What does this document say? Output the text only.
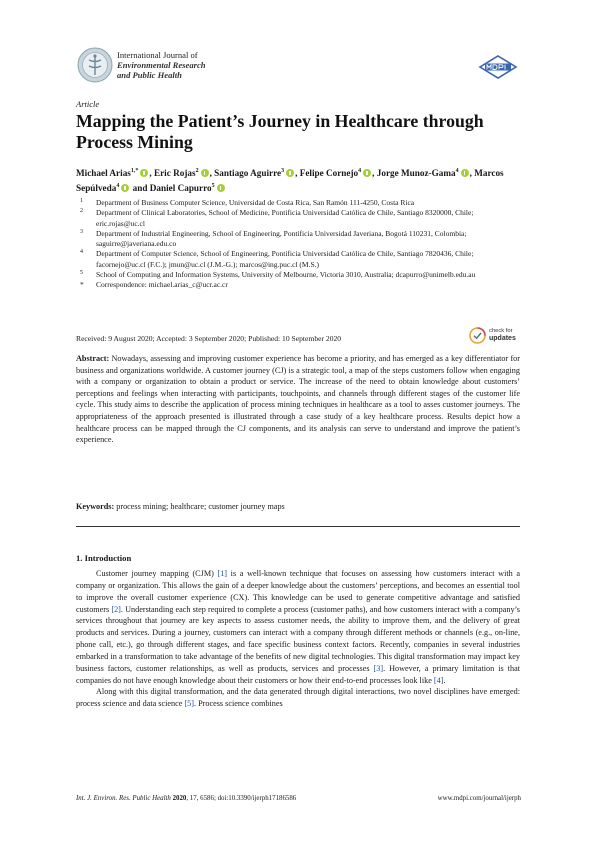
International Journal of
Environmental Research
and Public Health
Article
Mapping the Patient’s Journey in Healthcare through Process Mining
Michael Arias$^{1,*}$ , Eric Rojas$^2$ , Santiago Aguirre$^3$ , Felipe Cornejo$^4$ , Jorge Munoz-Gama$^4$ , Marcos Sepúlveda$^4$ and Daniel Capurro$^5$
1 Department of Business Computer Science, Universidad de Costa Rica, San Ramón 111-4250, Costa Rica
2 Department of Clinical Laboratories, School of Medicine, Pontificia Universidad Católica de Chile, Santiago 8320000, Chile; eric.rojas@uc.cl
3 Department of Industrial Engineering, School of Engineering, Pontificia Universidad Javeriana, Bogotá 110231, Colombia; saguirre@javeriana.edu.co
4 Department of Computer Science, School of Engineering, Pontificia Universidad Católica de Chile, Santiago 7820436, Chile; facornejo@uc.cl (F.C.); jmun@uc.cl (J.M.-G.); marcos@ing.puc.cl (M.S.)
5 School of Computing and Information Systems, University of Melbourne, Victoria 3010, Australia; dcapurro@unimelb.edu.au
* Correspondence: michael.arias_c@ucr.ac.cr
Received: 9 August 2020; Accepted: 3 September 2020; Published: 10 September 2020
check for
updates
Abstract: Nowadays, assessing and improving customer experience has become a priority, and has emerged as a key differentiator for business and organizations worldwide. A customer journey (CJ) is a strategic tool, a map of the steps customers follow when engaging with a company or organization to obtain a product or service. The increase of the need to obtain knowledge about customers’ perceptions and feelings when interacting with participants, touchpoints, and channels through different stages of the customer life cycle. This study aims to describe the application of process mining techniques in healthcare as a tool to asses customer journeys. The appropriateness of the approach presented is illustrated through a case study of a key healthcare process. Results depict how a healthcare process can be mapped through the CJ components, and its analysis can serve to understand and improve the patient’s experience.
Keywords: process mining; healthcare; customer journey maps
1. Introduction

Customer journey mapping (CJM) [1] is a well-known technique that focuses on assessing how customers interact with a company or organization. This allows the gain of a deeper knowledge about the customers’ perceptions, and becomes an essential tool to improve the overall customer experience (CX). This knowledge can be used to generate competitive advantage and satisfied customers [2]. Understanding each step required to complete a process (customer paths), and how customers interact with a company’s services throughout that journey are key aspects to assess customer needs, the ability to improve them, and the delivery of great products and services. During a journey, customers can interact with a company through different methods or channels (e.g., on-line, phone call, etc.), go through different stages, and face specific business context factors. Recently, companies in several industries embarked in a transformation to take advantage of the benefits of new digital technologies. This digital transformation may impact key business factors, customer relationships, as well as products, services and processes [3]. However, a primary limitation is that companies do not have enough knowledge about their customers or how their end-to-end processes look like [4].

Along with this digital transformation, and the data generated through digital interactions, two novel disciplines have emerged: process science and data science [5]. Process science combines

Int. J. Environ. Res. Public Health 2020, 17, 6586; doi:10.3390/ijerph17186586	www.mdpi.com/journal/ijerph
